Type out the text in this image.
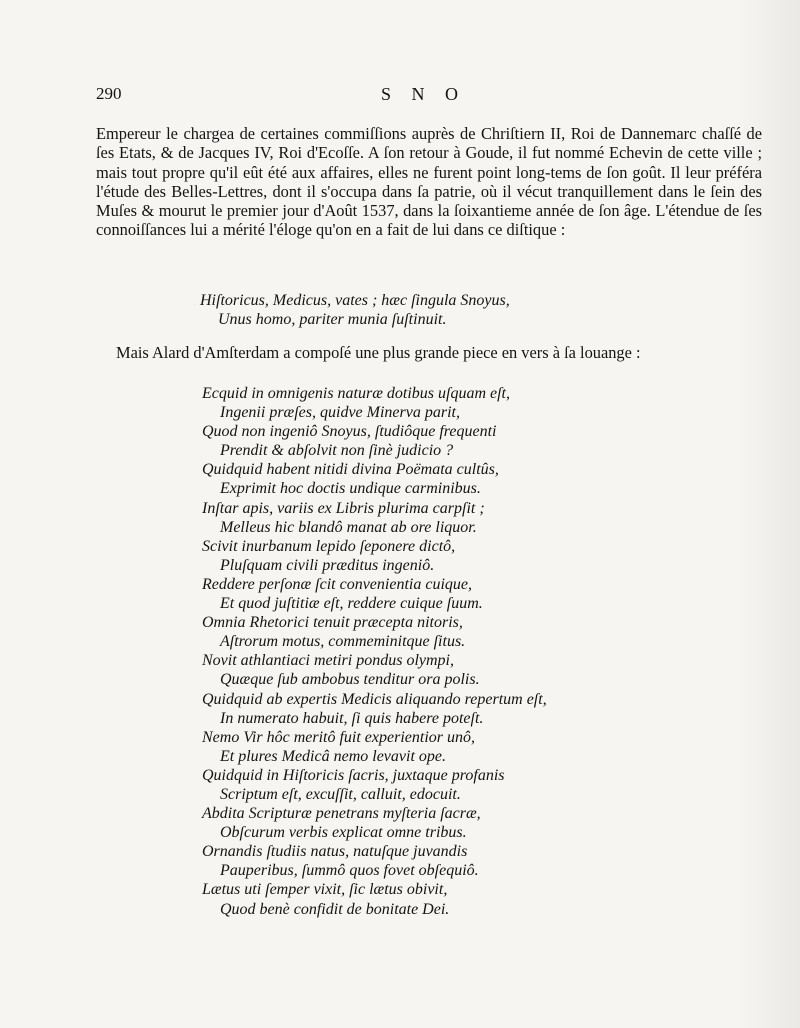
290	S N O

Empereur le chargea de certaines commiſſions auprès de Chriſtiern II, Roi de Dannemarc chaſſé de ſes Etats, & de Jacques IV, Roi d'Ecoſſe. A ſon retour à Goude, il fut nommé Echevin de cette ville ; mais tout propre qu'il eût été aux affaires, elles ne furent point long-tems de ſon goût. Il leur préféra l'étude des Belles-Lettres, dont il s'occupa dans ſa patrie, où il vécut tranquillement dans le ſein des Muſes & mourut le premier jour d'Août 1537, dans la ſoixantieme année de ſon âge. L'étendue de ſes connoiſſances lui a mérité l'éloge qu'on en a fait de lui dans ce diſtique :

Hiſtoricus, Medicus, vates ; hæc ſingula Snoyus,
Unus homo, pariter munia ſuſtinuit.

Mais Alard d'Amſterdam a compoſé une plus grande piece en vers à ſa louange :

Ecquid in omnigenis naturæ dotibus uſquam eſt,
Ingenii præſes, quidve Minerva parit,
Quod non ingeniô Snoyus, ſtudiôque frequenti
Prendit & abſolvit non ſinè judicio ?
Quidquid habent nitidi divina Poëmata cultûs,
Exprimit hoc doctis undique carminibus.
Inſtar apis, variis ex Libris plurima carpſit ;
Melleus hic blandô manat ab ore liquor.
Scivit inurbanum lepido ſeponere dictô,
Pluſquam civili præditus ingeniô.
Reddere perſonæ ſcit convenientia cuique,
Et quod juſtitiæ eſt, reddere cuique ſuum.
Omnia Rhetorici tenuit præcepta nitoris,
Aſtrorum motus, commeminitque ſitus.
Novit athlantiaci metiri pondus olympi,
Quæque ſub ambobus tenditur ora polis.
Quidquid ab expertis Medicis aliquando repertum eſt,
In numerato habuit, ſi quis habere poteſt.
Nemo Vir hôc meritô fuit experientior unô,
Et plures Medicâ nemo levavit ope.
Quidquid in Hiſtoricis ſacris, juxtaque profanis
Scriptum eſt, excuſſit, calluit, edocuit.
Abdita Scripturæ penetrans myſteria ſacræ,
Obſcurum verbis explicat omne tribus.
Ornandis ſtudiis natus, natuſque juvandis
Pauperibus, ſummô quos fovet obſequiô.
Lætus uti ſemper vixit, ſic lætus obivit,
Quod benè confidit de bonitate Dei.
